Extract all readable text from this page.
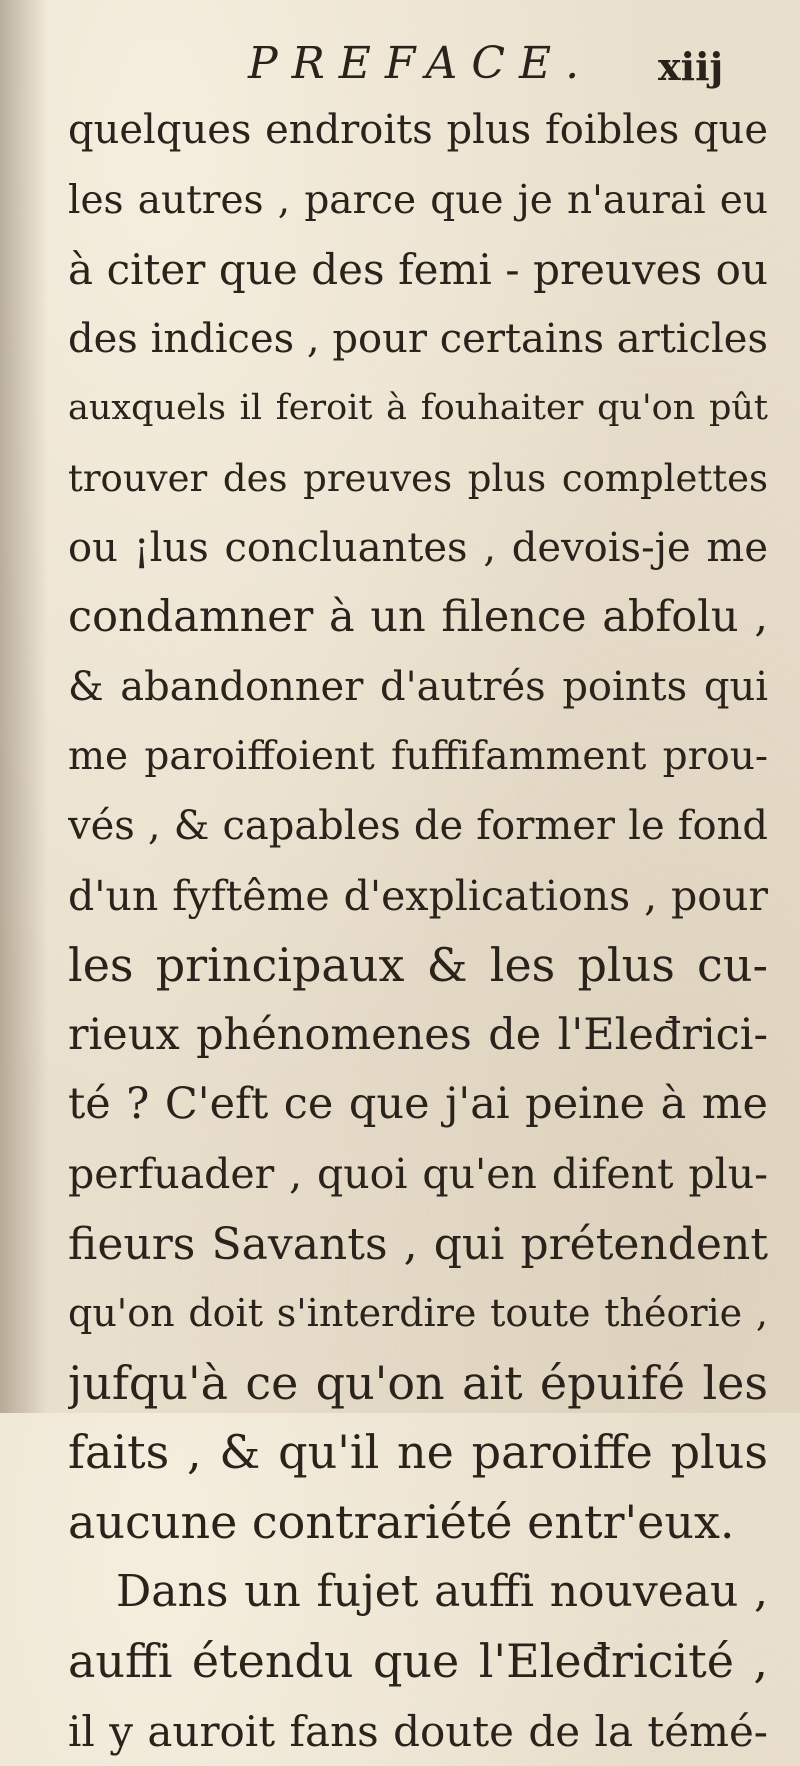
PREFACE. xiij
quelques endroits plus foibles que
les autres , parce que je n'aurai eu
à citer que des femi - preuves ou
des indices , pour certains articles
auxquels il feroit à fouhaiter qu'on pût
trouver des preuves plus complettes
ou ¡lus concluantes , devois-je me
condamner à un filence abfolu ,
& abandonner d'autrés points qui
me paroiffoient fuffifamment prou-
vés , & capables de former le fond
d'un fyftême d'explications , pour
les principaux & les plus cu-
rieux phénomenes de l'Eleđrici-
té ? C'eft ce que j'ai peine à me
perfuader , quoi qu'en difent plu-
fieurs Savants , qui prétendent
qu'on doit s'interdire toute théorie ,
jufqu'à ce qu'on ait épuifé les
faits , & qu'il ne paroiffe plus
aucune contrariété entr'eux.
Dans un fujet auffi nouveau ,
auffi étendu que l'Eleđricité ,
il y auroit fans doute de la témé-
